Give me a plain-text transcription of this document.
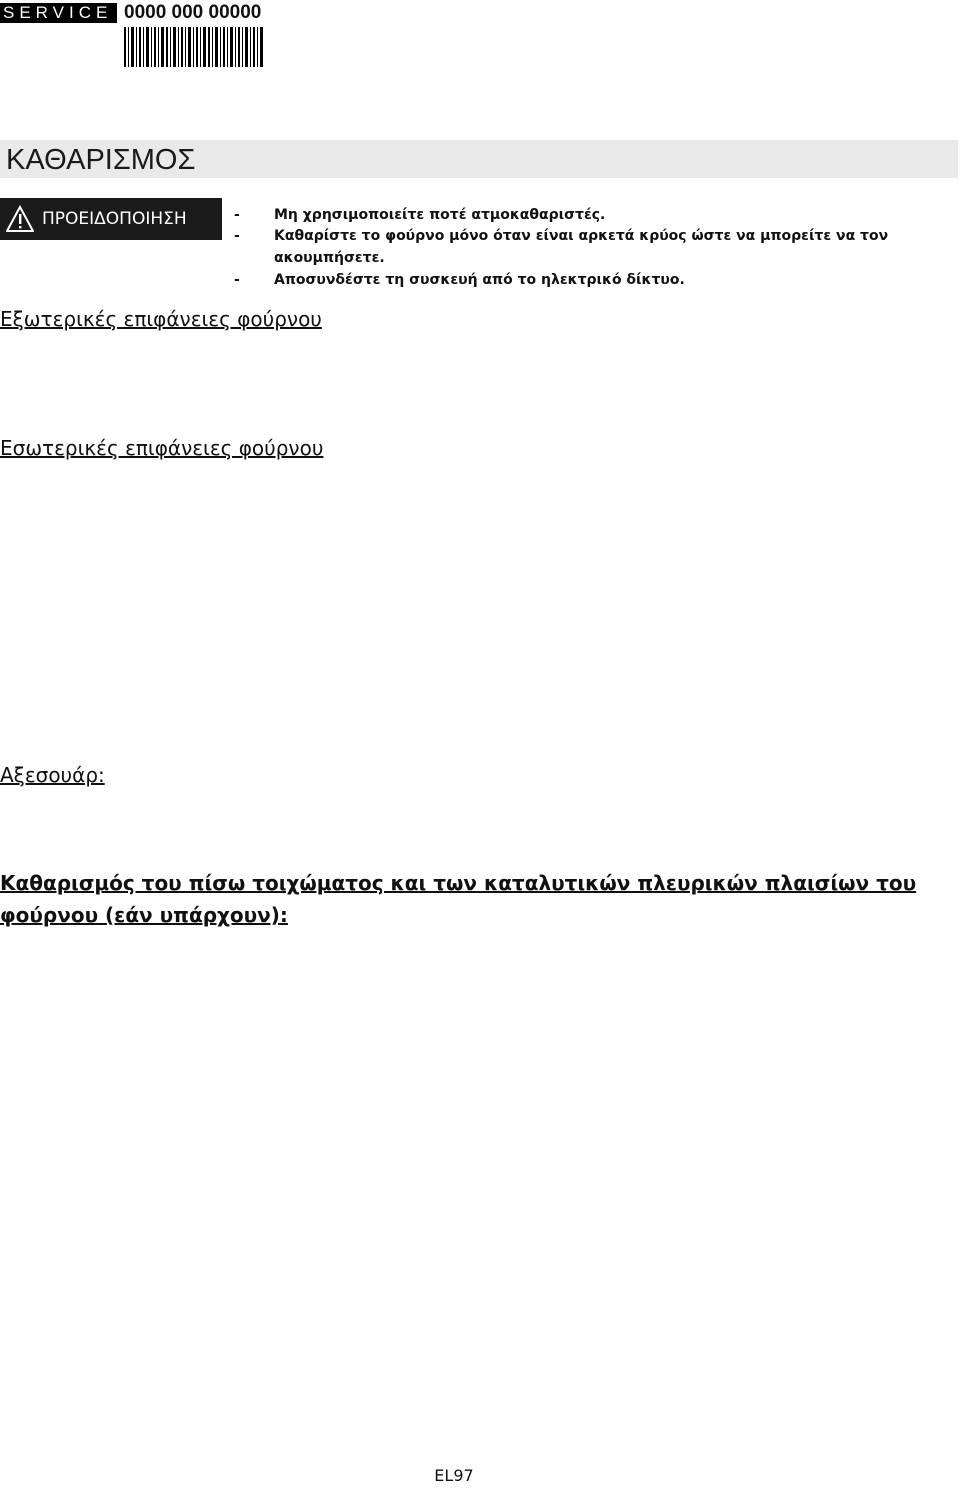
SERVICE 0000 000 00000

ΚΑΘΑΡΙΣΜΟΣ
ΠΡΟΕΙΔΟΠΟΙΗΣΗ	- Μη χρησιμοποιείτε ποτέ ατμοκαθαριστές.
- Καθαρίστε το φούρνο μόνο όταν είναι αρκετά κρύος ώστε να μπορείτε να τον
ακουμπήσετε.
- Αποσυνδέστε τη συσκευή από το ηλεκτρικό δίκτυο.
Εξωτερικές επιφάνειες φούρνου

Εσωτερικές επιφάνειες φούρνου

Αξεσουάρ:

Καθαρισμός του πίσω τοιχώματος και των καταλυτικών πλευρικών πλαισίων του
φούρνου (εάν υπάρχουν):

EL97
